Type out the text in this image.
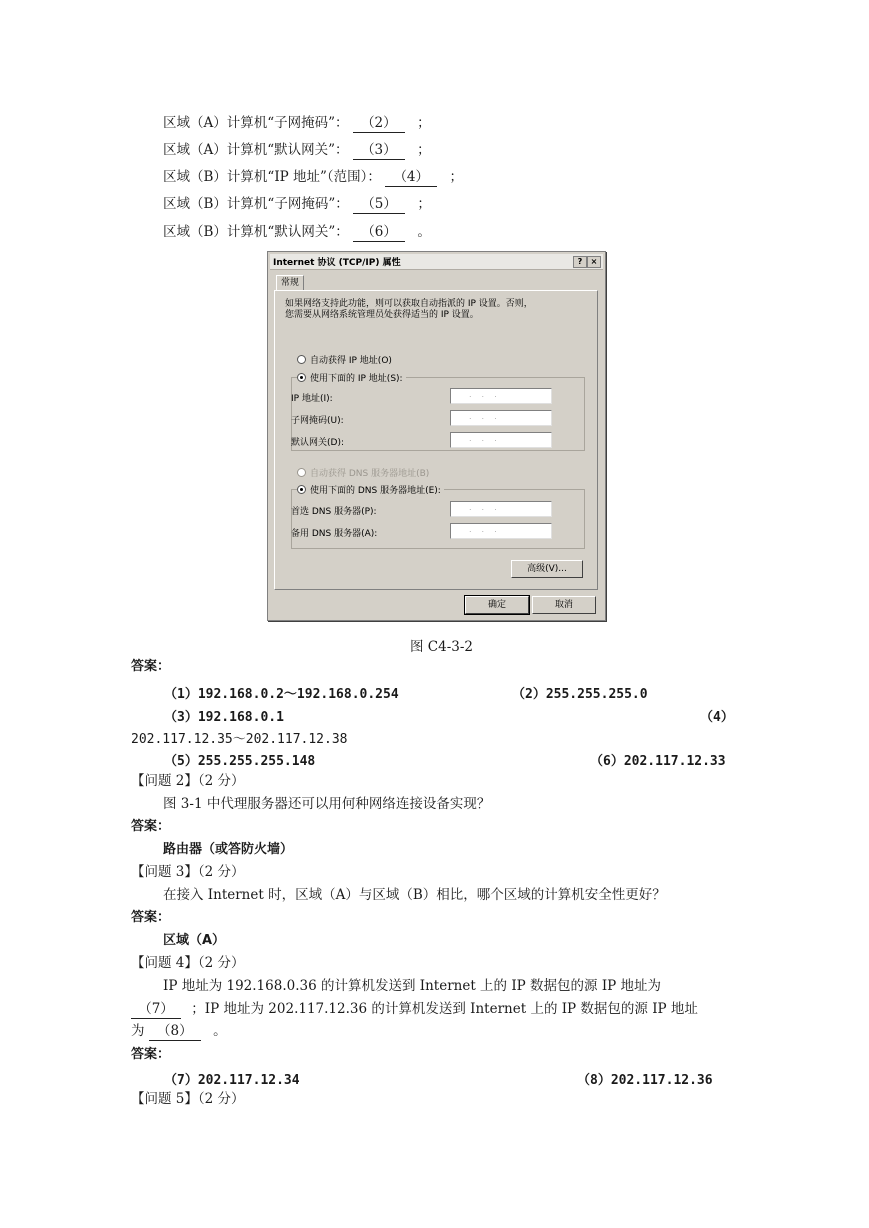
区域（A）计算机“子网掩码”： （2） ；
区域（A）计算机“默认网关”： （3） ；
区域（B）计算机“IP 地址”（范围）： （4） ；
区域（B）计算机“子网掩码”： （5） ；
区域（B）计算机“默认网关”： （6） 。
Internet 协议 (TCP/IP) 属性	?	×
常规
如果网络支持此功能，则可以获取自动指派的 IP 设置。否则，
您需要从网络系统管理员处获得适当的 IP 设置。
自动获得 IP 地址(O)
使用下面的 IP 地址(S):
IP 地址(I):	...
子网掩码(U):	...
默认网关(D):	...
自动获得 DNS 服务器地址(B)
使用下面的 DNS 服务器地址(E):
首选 DNS 服务器(P):	...
备用 DNS 服务器(A):	...
高级(V)...
确定	取消
图 C4-3-2
答案：
（1）192.168.0.2～192.168.0.254	（2）255.255.255.0
（3）192.168.0.1	（4）
202.117.12.35～202.117.12.38
（5）255.255.255.148	（6）202.117.12.33
【问题 2】（2 分）
图 3-1 中代理服务器还可以用何种网络连接设备实现？
答案：
路由器（或答防火墙）
【问题 3】（2 分）
在接入 Internet 时，区域（A）与区域（B）相比，哪个区域的计算机安全性更好？
答案：
区域（A）
【问题 4】（2 分）
IP 地址为 192.168.0.36 的计算机发送到 Internet 上的 IP 数据包的源 IP 地址为
（7） ；IP 地址为 202.117.12.36 的计算机发送到 Internet 上的 IP 数据包的源 IP 地址
为 （8） 。
答案：
（7）202.117.12.34	（8）202.117.12.36
【问题 5】（2 分）
